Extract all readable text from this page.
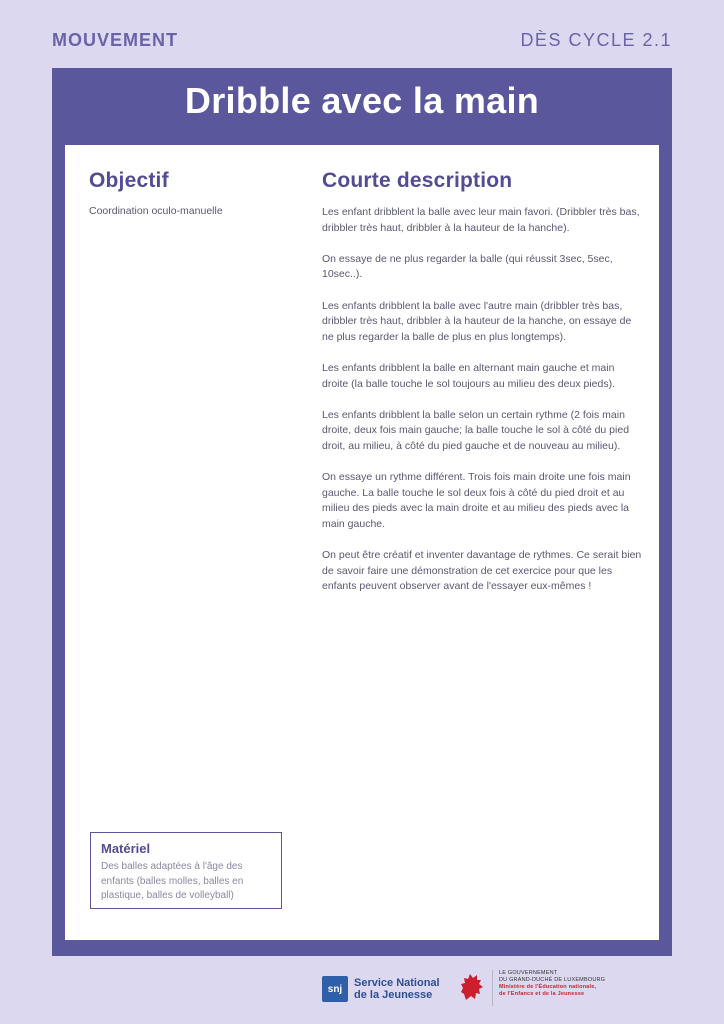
MOUVEMENT	DÈS CYCLE 2.1
Dribble avec la main
Objectif
Coordination oculo-manuelle
Courte description

Les enfant dribblent la balle avec leur main favori. (Dribbler très bas, dribbler très haut, dribbler à la hauteur de la hanche).

On essaye de ne plus regarder la balle (qui réussit 3sec, 5sec, 10sec..).

Les enfants dribblent la balle avec l'autre main (dribbler très bas, dribbler très haut, dribbler à la hauteur de la hanche, on essaye de ne plus regarder la balle de plus en plus longtemps).

Les enfants dribblent la balle en alternant main gauche et main droite (la balle touche le sol toujours au milieu des deux pieds).

Les enfants dribblent la balle selon un certain rythme (2 fois main droite, deux fois main gauche; la balle touche le sol à côté du pied droit, au milieu, à côté du pied gauche et de nouveau au milieu).

On essaye un rythme différent. Trois fois main droite une fois main gauche. La balle touche le sol deux fois à côté du pied droit et au milieu des pieds avec la main droite et au milieu des pieds avec la main gauche.

On peut être créatif et inventer davantage de rythmes. Ce serait bien de savoir faire une démonstration de cet exercice pour que les enfants peuvent observer avant de l'essayer eux-mêmes !

Matériel
Des balles adaptées à l'âge des enfants (balles molles, balles en plastique, balles de volleyball)
snj	Service National
de la Jeunesse
LE GOUVERNEMENT
DU GRAND-DUCHÉ DE LUXEMBOURG
Ministère de l'Éducation nationale,
de l'Enfance et de la Jeunesse
